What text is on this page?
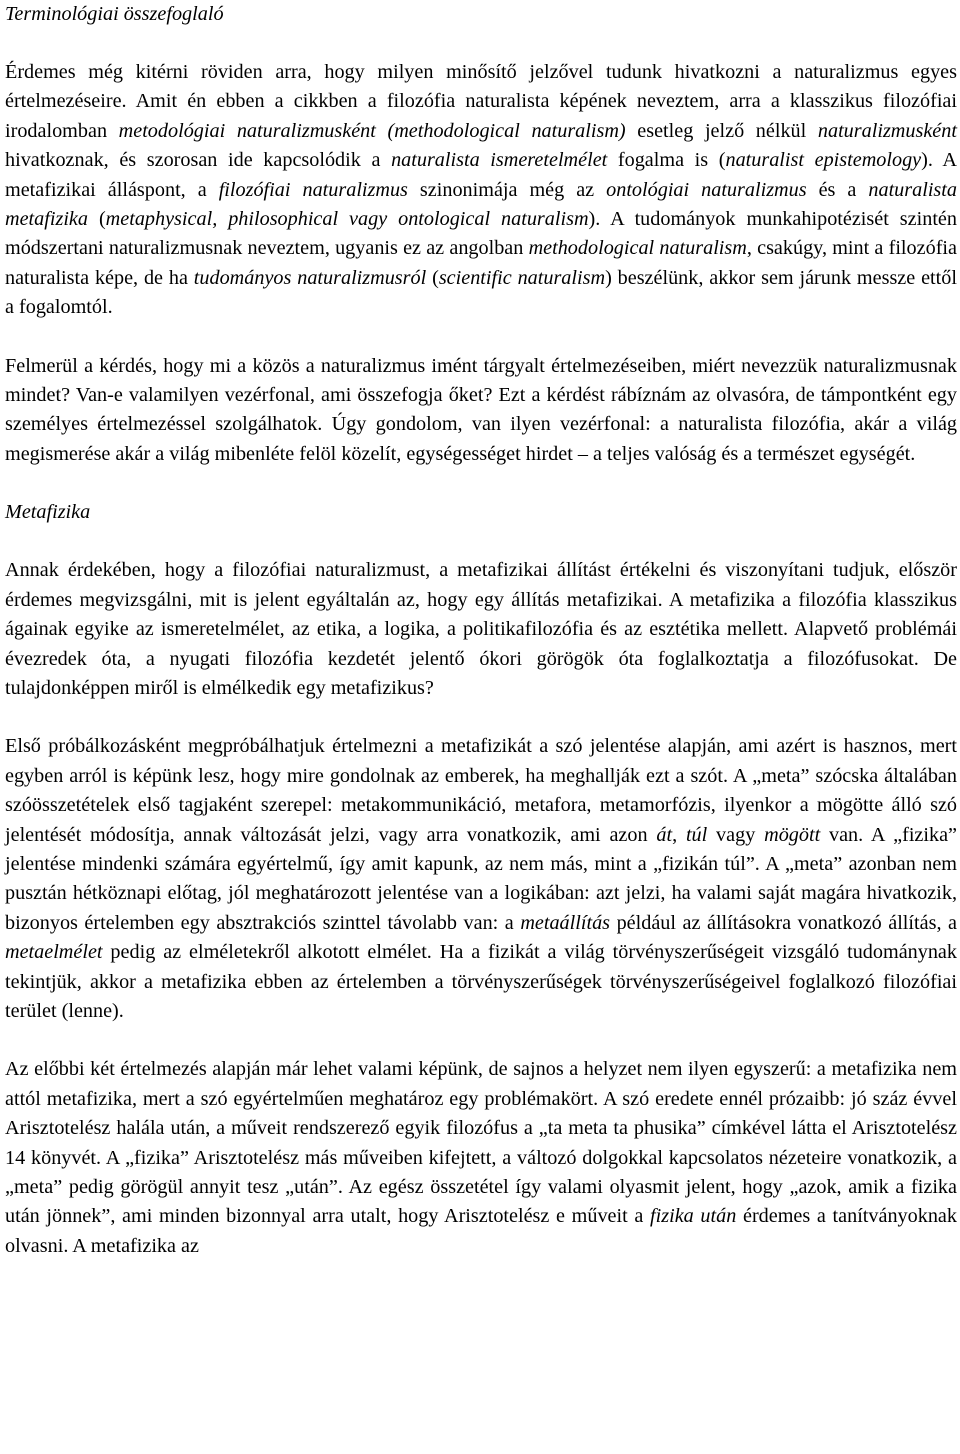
Terminológiai összefoglaló

Érdemes még kitérni röviden arra, hogy milyen minősítő jelzővel tudunk hivatkozni a naturalizmus egyes értelmezéseire. Amit én ebben a cikkben a filozófia naturalista képének neveztem, arra a klasszikus filozófiai irodalomban metodológiai naturalizmusként (methodological naturalism) esetleg jelző nélkül naturalizmusként hivatkoznak, és szorosan ide kapcsolódik a naturalista ismeretelmélet fogalma is (naturalist epistemology). A metafizikai álláspont, a filozófiai naturalizmus szinonimája még az ontológiai naturalizmus és a naturalista metafizika (metaphysical, philosophical vagy ontological naturalism). A tudományok munkahipotézisét szintén módszertani naturalizmusnak neveztem, ugyanis ez az angolban methodological naturalism, csakúgy, mint a filozófia naturalista képe, de ha tudományos naturalizmusról (scientific naturalism) beszélünk, akkor sem járunk messze ettől a fogalomtól.

Felmerül a kérdés, hogy mi a közös a naturalizmus imént tárgyalt értelmezéseiben, miért nevezzük naturalizmusnak mindet? Van-e valamilyen vezérfonal, ami összefogja őket? Ezt a kérdést rábíznám az olvasóra, de támpontként egy személyes értelmezéssel szolgálhatok. Úgy gondolom, van ilyen vezérfonal: a naturalista filozófia, akár a világ megismerése akár a világ mibenléte felöl közelít, egységességet hirdet – a teljes valóság és a természet egységét.

Metafizika

Annak érdekében, hogy a filozófiai naturalizmust, a metafizikai állítást értékelni és viszonyítani tudjuk, először érdemes megvizsgálni, mit is jelent egyáltalán az, hogy egy állítás metafizikai. A metafizika a filozófia klasszikus ágainak egyike az ismeretelmélet, az etika, a logika, a politikafilozófia és az esztétika mellett. Alapvető problémái évezredek óta, a nyugati filozófia kezdetét jelentő ókori görögök óta foglalkoztatja a filozófusokat. De tulajdonképpen miről is elmélkedik egy metafizikus?

Első próbálkozásként megpróbálhatjuk értelmezni a metafizikát a szó jelentése alapján, ami azért is hasznos, mert egyben arról is képünk lesz, hogy mire gondolnak az emberek, ha meghallják ezt a szót. A „meta” szócska általában szóösszetételek első tagjaként szerepel: metakommunikáció, metafora, metamorfózis, ilyenkor a mögötte álló szó jelentését módosítja, annak változását jelzi, vagy arra vonatkozik, ami azon át, túl vagy mögött van. A „fizika” jelentése mindenki számára egyértelmű, így amit kapunk, az nem más, mint a „fizikán túl”. A „meta” azonban nem pusztán hétköznapi előtag, jól meghatározott jelentése van a logikában: azt jelzi, ha valami saját magára hivatkozik, bizonyos értelemben egy absztrakciós szinttel távolabb van: a metaállítás például az állításokra vonatkozó állítás, a metaelmélet pedig az elméletekről alkotott elmélet. Ha a fizikát a világ törvényszerűségeit vizsgáló tudománynak tekintjük, akkor a metafizika ebben az értelemben a törvényszerűségek törvényszerűségeivel foglalkozó filozófiai terület (lenne).

Az előbbi két értelmezés alapján már lehet valami képünk, de sajnos a helyzet nem ilyen egyszerű: a metafizika nem attól metafizika, mert a szó egyértelműen meghatároz egy problémakört. A szó eredete ennél prózaibb: jó száz évvel Arisztotelész halála után, a műveit rendszerező egyik filozófus a „ta meta ta phusika” címkével látta el Arisztotelész 14 könyvét. A „fizika” Arisztotelész más műveiben kifejtett, a változó dolgokkal kapcsolatos nézeteire vonatkozik, a „meta” pedig görögül annyit tesz „után”. Az egész összetétel így valami olyasmit jelent, hogy „azok, amik a fizika után jönnek”, ami minden bizonnyal arra utalt, hogy Arisztotelész e műveit a fizika után érdemes a tanítványoknak olvasni. A metafizika az
